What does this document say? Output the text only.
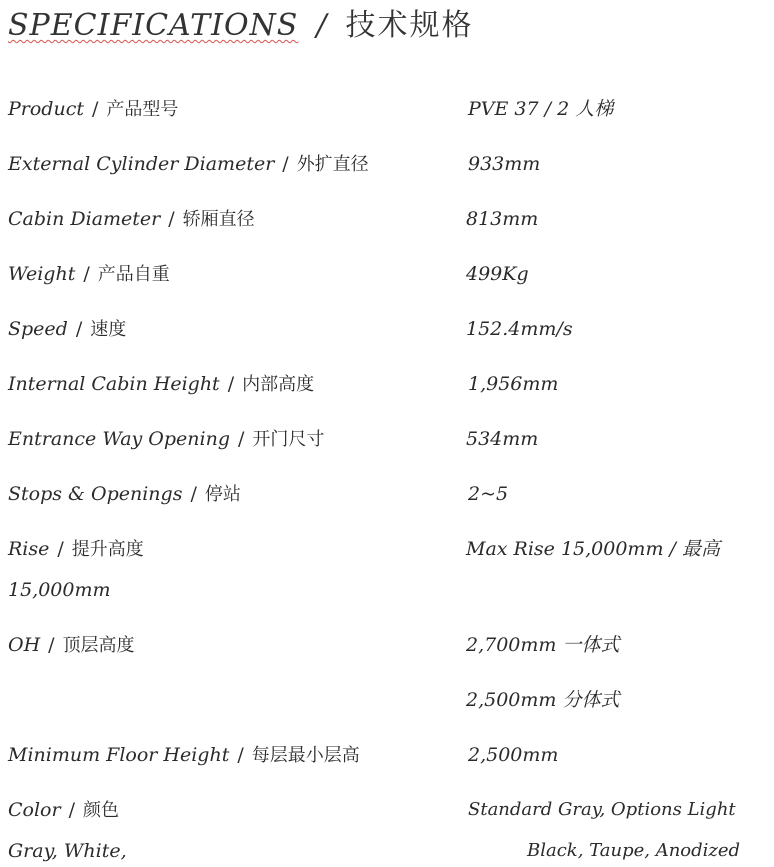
SPECIFICATIONS / 技术规格
Product / 产品型号	PVE 37 / 2 人梯
External Cylinder Diameter / 外扩直径	933mm
Cabin Diameter / 轿厢直径	813mm
Weight / 产品自重	499Kg
Speed / 速度	152.4mm/s
Internal Cabin Height / 内部高度	1,956mm
Entrance Way Opening / 开门尺寸	534mm
Stops & Openings / 停站	2~5
Rise / 提升高度	Max Rise 15,000mm / 最高
15,000mm
OH / 顶层高度	2,700mm 一体式
2,500mm 分体式
Minimum Floor Height / 每层最小层高	2,500mm
Color / 颜色	Standard Gray, Options Light
Gray, White,	Black, Taupe, Anodized
